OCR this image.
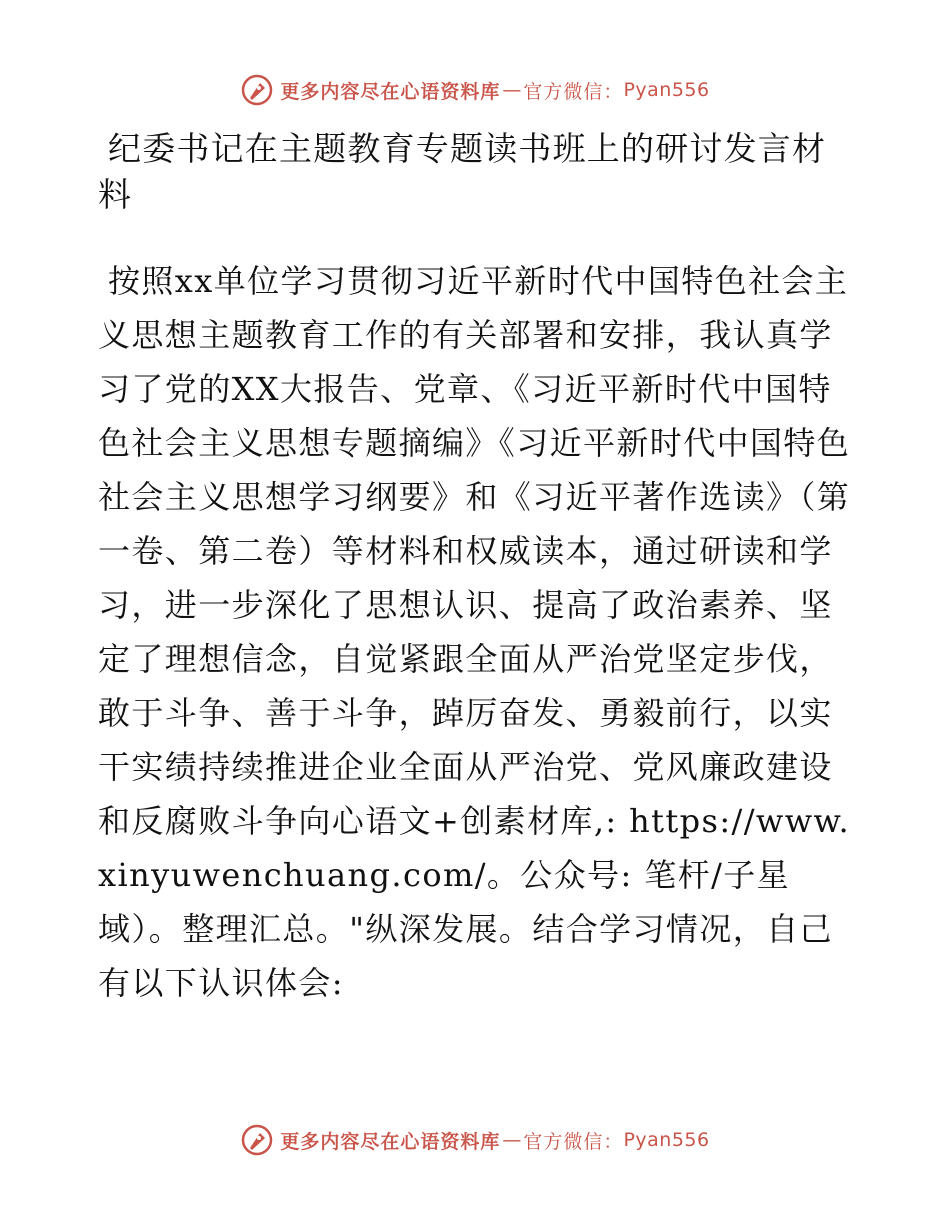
更多内容尽在心语资料库 — 官方微信： Pyan556
纪委书记在主题教育专题读书班上的研讨发言材料

按照xx单位学习贯彻习近平新时代中国特色社会主义思想主题教育工作的有关部署和安排，我认真学习了党的XX大报告、党章、《习近平新时代中国特色社会主义思想专题摘编》《习近平新时代中国特色社会主义思想学习纲要》和《习近平著作选读》（第一卷、第二卷）等材料和权威读本，通过研读和学习，进一步深化了思想认识、提高了政治素养、坚定了理想信念，自觉紧跟全面从严治党坚定步伐，敢于斗争、善于斗争，踔厉奋发、勇毅前行，以实干实绩持续推进企业全面从严治党、党风廉政建设和反腐败斗争向心语文+创素材库,: https://www.xinyuwenchuang.com/。公众号: 笔杆/子星域）。整理汇总。"纵深发展。结合学习情况，自己有以下认识体会:

更多内容尽在心语资料库 — 官方微信： Pyan556
